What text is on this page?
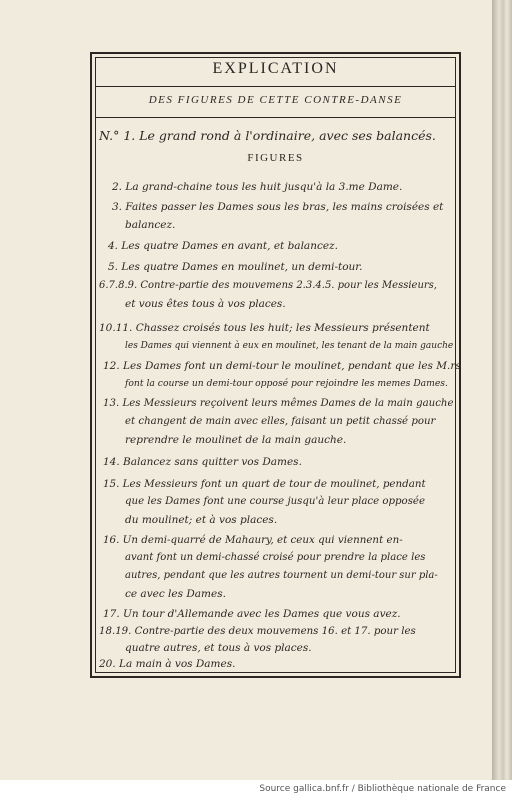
EXPLICATION
DES FIGURES DE CETTE CONTRE-DANSE
N.° 1. Le grand rond à l'ordinaire, avec ses balancés.
FIGURES
2. La grand-chaine tous les huit jusqu'à la 3.me Dame.
3. Faites passer les Dames sous les bras, les mains croisées et
balancez.
4. Les quatre Dames en avant, et balancez.
5. Les quatre Dames en moulinet, un demi-tour.
6.7.8.9. Contre-partie des mouvemens 2.3.4.5. pour les Messieurs,
et vous êtes tous à vos places.
10.11. Chassez croisés tous les huit; les Messieurs présentent
les Dames qui viennent à eux en moulinet, les tenant de la main gauche
12. Les Dames font un demi-tour le moulinet, pendant que les M.rs
font la course un demi-tour opposé pour rejoindre les memes Dames.
13. Les Messieurs reçoivent leurs mêmes Dames de la main gauche
et changent de main avec elles, faisant un petit chassé pour
reprendre le moulinet de la main gauche.
14. Balancez sans quitter vos Dames.
15. Les Messieurs font un quart de tour de moulinet, pendant
que les Dames font une course jusqu'à leur place opposée
du moulinet; et à vos places.
16. Un demi-quarré de Mahaury, et ceux qui viennent en-
avant font un demi-chassé croisé pour prendre la place les
autres, pendant que les autres tournent un demi-tour sur pla-
ce avec les Dames.
17. Un tour d'Allemande avec les Dames que vous avez.
18.19. Contre-partie des deux mouvemens 16. et 17. pour les
quatre autres, et tous à vos places.
20. La main à vos Dames.
Source gallica.bnf.fr / Bibliothèque nationale de France
